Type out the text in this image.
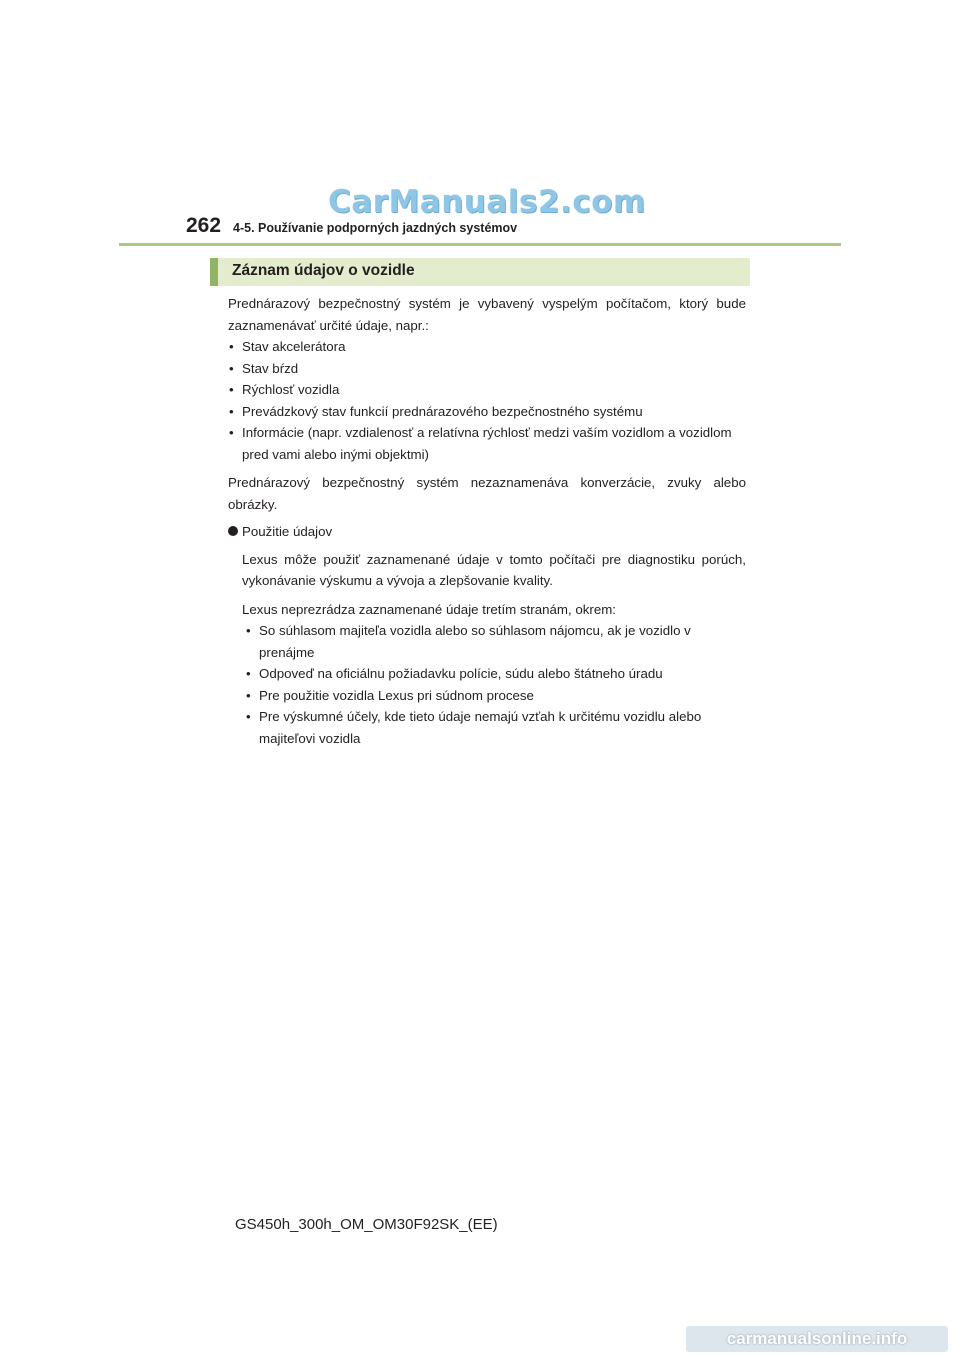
CarManuals2.com
262 4-5. Používanie podporných jazdných systémov
Záznam údajov o vozidle

Prednárazový bezpečnostný systém je vybavený vyspelým počítačom, ktorý bude zaznamenávať určité údaje, napr.:

• Stav akcelerátora
• Stav bŕzd
• Rýchlosť vozidla
• Prevádzkový stav funkcií prednárazového bezpečnostného systému
• Informácie (napr. vzdialenosť a relatívna rýchlosť medzi vaším vozidlom a vozidlom pred vami alebo inými objektmi)

Prednárazový bezpečnostný systém nezaznamenáva konverzácie, zvuky alebo obrázky.

Použitie údajov

Lexus môže použiť zaznamenané údaje v tomto počítači pre diagnostiku porúch, vykonávanie výskumu a vývoja a zlepšovanie kvality.

Lexus neprezrádza zaznamenané údaje tretím stranám, okrem:

• So súhlasom majiteľa vozidla alebo so súhlasom nájomcu, ak je vozidlo v prenájme
• Odpoveď na oficiálnu požiadavku polície, súdu alebo štátneho úradu
• Pre použitie vozidla Lexus pri súdnom procese
• Pre výskumné účely, kde tieto údaje nemajú vzťah k určitému vozidlu alebo majiteľovi vozidla
GS450h_300h_OM_OM30F92SK_(EE)
carmanualsonline.info
